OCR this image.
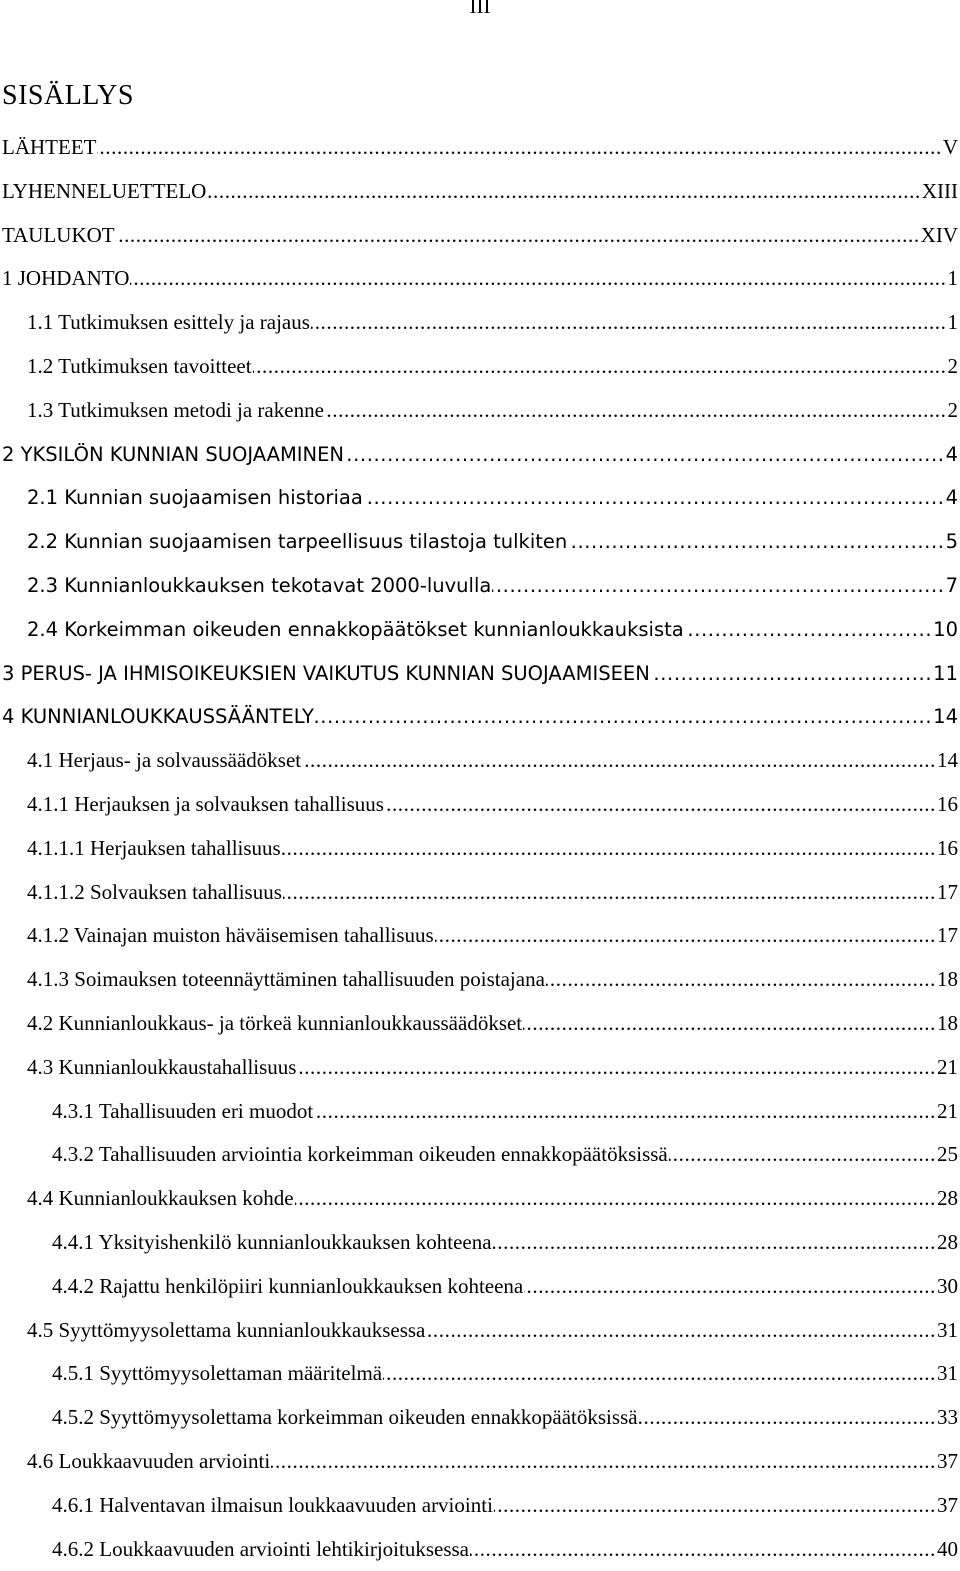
III
SISÄLLYS
LÄHTEET .....	V
LYHENNELUETTELO .....	XIII
TAULUKOT .....	XIV
1 JOHDANTO .....	1
1.1 Tutkimuksen esittely ja rajaus .....	1
1.2 Tutkimuksen tavoitteet .....	2
1.3 Tutkimuksen metodi ja rakenne .....	2
2 YKSILÖN KUNNIAN SUOJAAMINEN .....	4
2.1 Kunnian suojaamisen historiaa .....	4
2.2 Kunnian suojaamisen tarpeellisuus tilastoja tulkiten .....	5
2.3 Kunnianloukkauksen tekotavat 2000-luvulla .....	7
2.4 Korkeimman oikeuden ennakkopäätökset kunnianloukkauksista .....	10
3 PERUS- JA IHMISOIKEUKSIEN VAIKUTUS KUNNIAN SUOJAAMISEEN .....	11
4 KUNNIANLOUKKAUSSÄÄNTELY .....	14
4.1 Herjaus- ja solvaussäädökset .....	14
4.1.1 Herjauksen ja solvauksen tahallisuus .....	16
4.1.1.1 Herjauksen tahallisuus .....	16
4.1.1.2 Solvauksen tahallisuus .....	17
4.1.2 Vainajan muiston häväisemisen tahallisuus .....	17
4.1.3 Soimauksen toteennäyttäminen tahallisuuden poistajana .....	18
4.2 Kunnianloukkaus- ja törkeä kunnianloukkaussäädökset .....	18
4.3 Kunnianloukkaustahallisuus .....	21
4.3.1 Tahallisuuden eri muodot .....	21
4.3.2 Tahallisuuden arviointia korkeimman oikeuden ennakkopäätöksissä .....	25
4.4 Kunnianloukkauksen kohde .....	28
4.4.1 Yksityishenkilö kunnianloukkauksen kohteena .....	28
4.4.2 Rajattu henkilöpiiri kunnianloukkauksen kohteena .....	30
4.5 Syyttömyysolettama kunnianloukkauksessa .....	31
4.5.1 Syyttömyysolettaman määritelmä .....	31
4.5.2 Syyttömyysolettama korkeimman oikeuden ennakkopäätöksissä .....	33
4.6 Loukkaavuuden arviointi .....	37
4.6.1 Halventavan ilmaisun loukkaavuuden arviointi .....	37
4.6.2 Loukkaavuuden arviointi lehtikirjoituksessa .....	40
